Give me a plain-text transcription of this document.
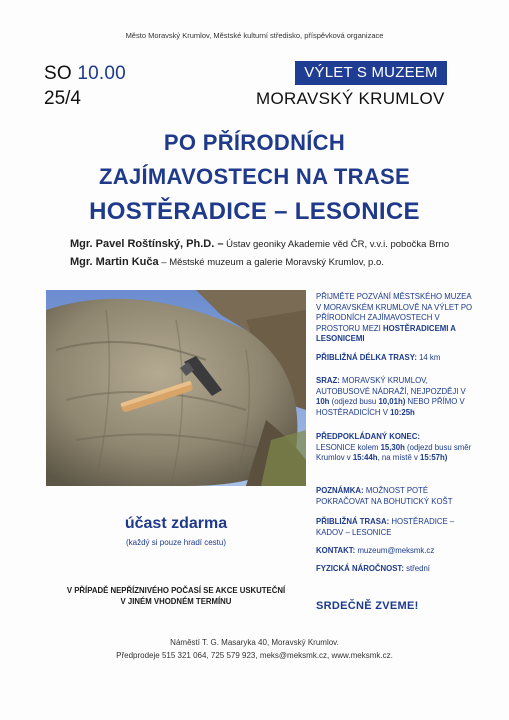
Město Moravský Krumlov, Městské kulturní středisko, příspěvková organizace
SO 10.00
25/4
VÝLET S MUZEEM
MORAVSKÝ KRUMLOV
PO PŘÍRODNÍCH
ZAJÍMAVOSTECH NA TRASE
HOSTĚRADICE – LESONICE
Mgr. Pavel Roštínský, Ph.D. – Ústav geoniky Akademie věd ČR, v.v.i. pobočka Brno
Mgr. Martin Kuča – Městské muzeum a galerie Moravský Krumlov, p.o.
PŘIJMĚTE POZVÁNÍ MĚSTSKÉHO MUZEA V MORAVSKÉM KRUMLOVĚ NA VÝLET PO PŘÍRODNÍCH ZAJÍMAVOSTECH V PROSTORU MEZI HOSTĚRADICEMI A LESONICEMI
PŘIBLIŽNÁ DÉLKA TRASY: 14 km
SRAZ: MORAVSKÝ KRUMLOV, AUTOBUSOVÉ NÁDRAŽÍ, NEJPOZDĚJI V 10h (odjezd busu 10,01h) NEBO PŘÍMO V HOSTĚRADICÍCH V 10:25h
PŘEDPOKLÁDANÝ KONEC:
LESONICE kolem 15,30h (odjezd busu směr Krumlov v 15:44h, na místě v 15:57h)
POZNÁMKA: MOŽNOST POTÉ POKRAČOVAT NA BOHUTICKÝ KOŠT
PŘIBLIŽNÁ TRASA: HOSTĚRADICE – KADOV – LESONICE
KONTAKT: muzeum@meksmk.cz
FYZICKÁ NÁROČNOST: střední
SRDEČNĚ ZVEME!
účast zdarma
(každý si pouze hradí cestu)
V PŘÍPADĚ NEPŘÍZNIVÉHO POČASÍ SE AKCE USKUTEČNÍ
V JINÉM VHODNÉM TERMÍNU
Náměstí T. G. Masaryka 40, Moravský Krumlov.
Předprodeje 515 321 064, 725 579 923, meks@meksmk.cz, www.meksmk.cz.
